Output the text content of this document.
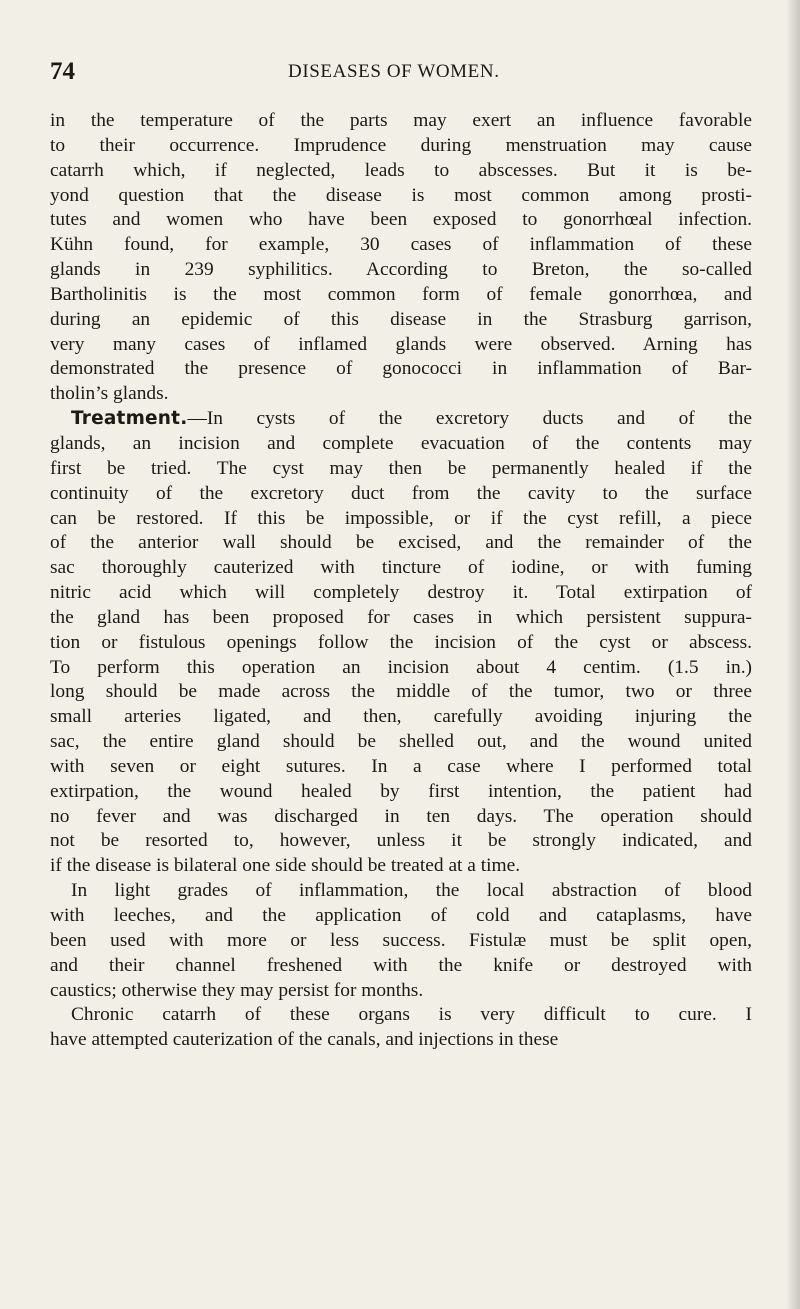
74	DISEASES OF WOMEN.
in the temperature of the parts may exert an influence favorable
to their occurrence. Imprudence during menstruation may cause
catarrh which, if neglected, leads to abscesses. But it is be-
yond question that the disease is most common among prosti-
tutes and women who have been exposed to gonorrhœal infection.
Kühn found, for example, 30 cases of inflammation of these
glands in 239 syphilitics. According to Breton, the so-called
Bartholinitis is the most common form of female gonorrhœa, and
during an epidemic of this disease in the Strasburg garrison,
very many cases of inflamed glands were observed. Arning has
demonstrated the presence of gonococci in inflammation of Bar-
tholin’s glands.
Treatment.—In cysts of the excretory ducts and of the
glands, an incision and complete evacuation of the contents may
first be tried. The cyst may then be permanently healed if the
continuity of the excretory duct from the cavity to the surface
can be restored. If this be impossible, or if the cyst refill, a piece
of the anterior wall should be excised, and the remainder of the
sac thoroughly cauterized with tincture of iodine, or with fuming
nitric acid which will completely destroy it. Total extirpation of
the gland has been proposed for cases in which persistent suppura-
tion or fistulous openings follow the incision of the cyst or abscess.
To perform this operation an incision about 4 centim. (1.5 in.)
long should be made across the middle of the tumor, two or three
small arteries ligated, and then, carefully avoiding injuring the
sac, the entire gland should be shelled out, and the wound united
with seven or eight sutures. In a case where I performed total
extirpation, the wound healed by first intention, the patient had
no fever and was discharged in ten days. The operation should
not be resorted to, however, unless it be strongly indicated, and
if the disease is bilateral one side should be treated at a time.
In light grades of inflammation, the local abstraction of blood
with leeches, and the application of cold and cataplasms, have
been used with more or less success. Fistulæ must be split open,
and their channel freshened with the knife or destroyed with
caustics; otherwise they may persist for months.
Chronic catarrh of these organs is very difficult to cure. I
have attempted cauterization of the canals, and injections in these
